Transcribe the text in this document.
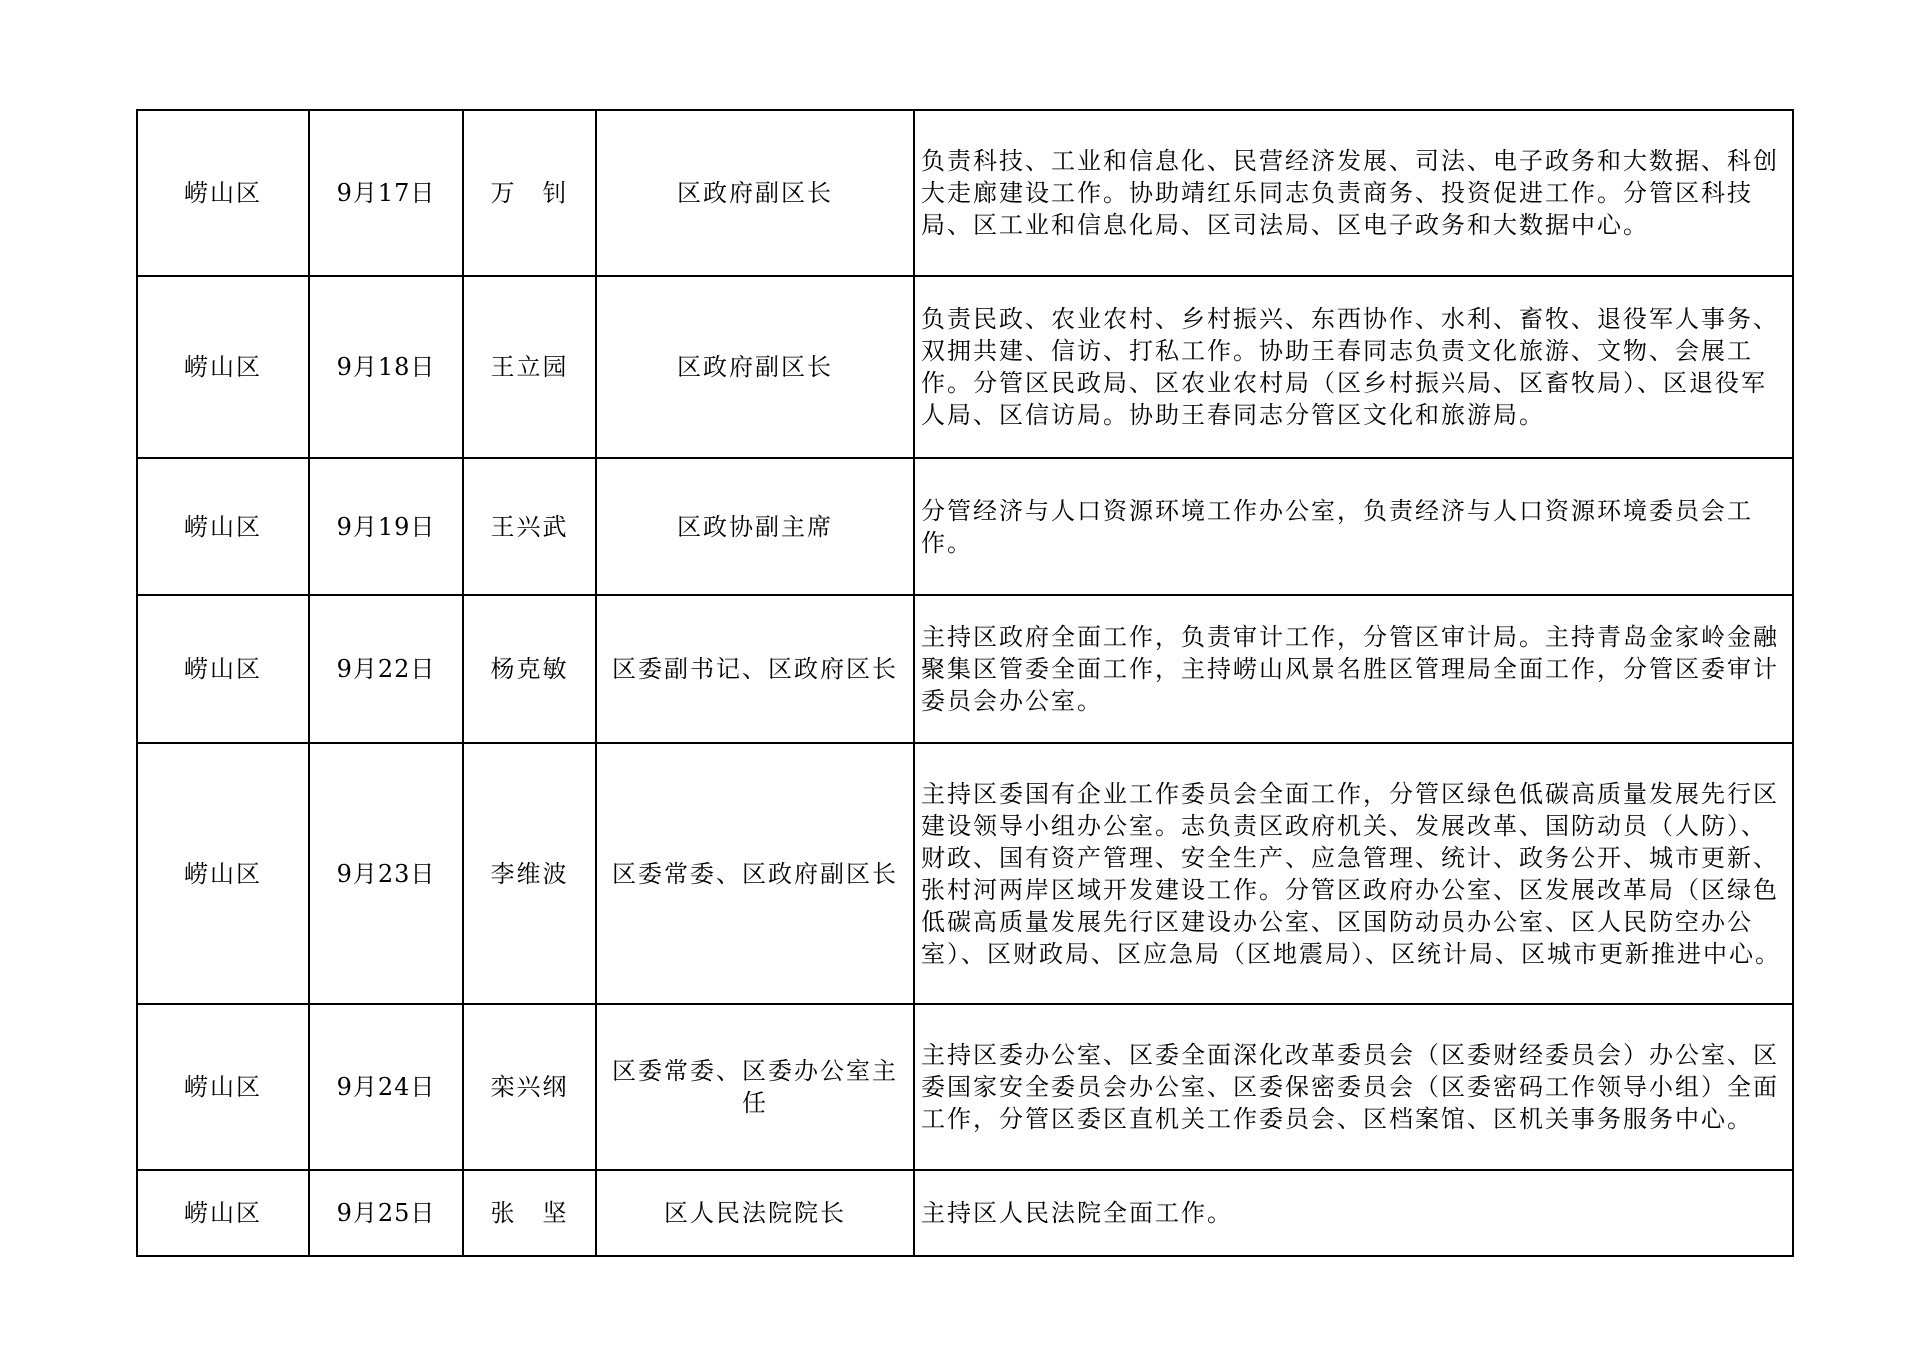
崂山区	9月17日	万　钊	区政府副区长	负责科技、工业和信息化、民营经济发展、司法、电子政务和大数据、科创大走廊建设工作。协助靖红乐同志负责商务、投资促进工作。分管区科技局、区工业和信息化局、区司法局、区电子政务和大数据中心。
崂山区	9月18日	王立园	区政府副区长	负责民政、农业农村、乡村振兴、东西协作、水利、畜牧、退役军人事务、双拥共建、信访、打私工作。协助王春同志负责文化旅游、文物、会展工作。分管区民政局、区农业农村局（区乡村振兴局、区畜牧局）、区退役军人局、区信访局。协助王春同志分管区文化和旅游局。
崂山区	9月19日	王兴武	区政协副主席	分管经济与人口资源环境工作办公室，负责经济与人口资源环境委员会工作。
崂山区	9月22日	杨克敏	区委副书记、区政府区长	主持区政府全面工作，负责审计工作，分管区审计局。主持青岛金家岭金融聚集区管委全面工作，主持崂山风景名胜区管理局全面工作，分管区委审计委员会办公室。
崂山区	9月23日	李维波	区委常委、区政府副区长	主持区委国有企业工作委员会全面工作，分管区绿色低碳高质量发展先行区建设领导小组办公室。志负责区政府机关、发展改革、国防动员（人防）、财政、国有资产管理、安全生产、应急管理、统计、政务公开、城市更新、张村河两岸区域开发建设工作。分管区政府办公室、区发展改革局（区绿色低碳高质量发展先行区建设办公室、区国防动员办公室、区人民防空办公室）、区财政局、区应急局（区地震局）、区统计局、区城市更新推进中心。
崂山区	9月24日	栾兴纲	区委常委、区委办公室主任	主持区委办公室、区委全面深化改革委员会（区委财经委员会）办公室、区委国家安全委员会办公室、区委保密委员会（区委密码工作领导小组）全面工作，分管区委区直机关工作委员会、区档案馆、区机关事务服务中心。
崂山区	9月25日	张　坚	区人民法院院长	主持区人民法院全面工作。
